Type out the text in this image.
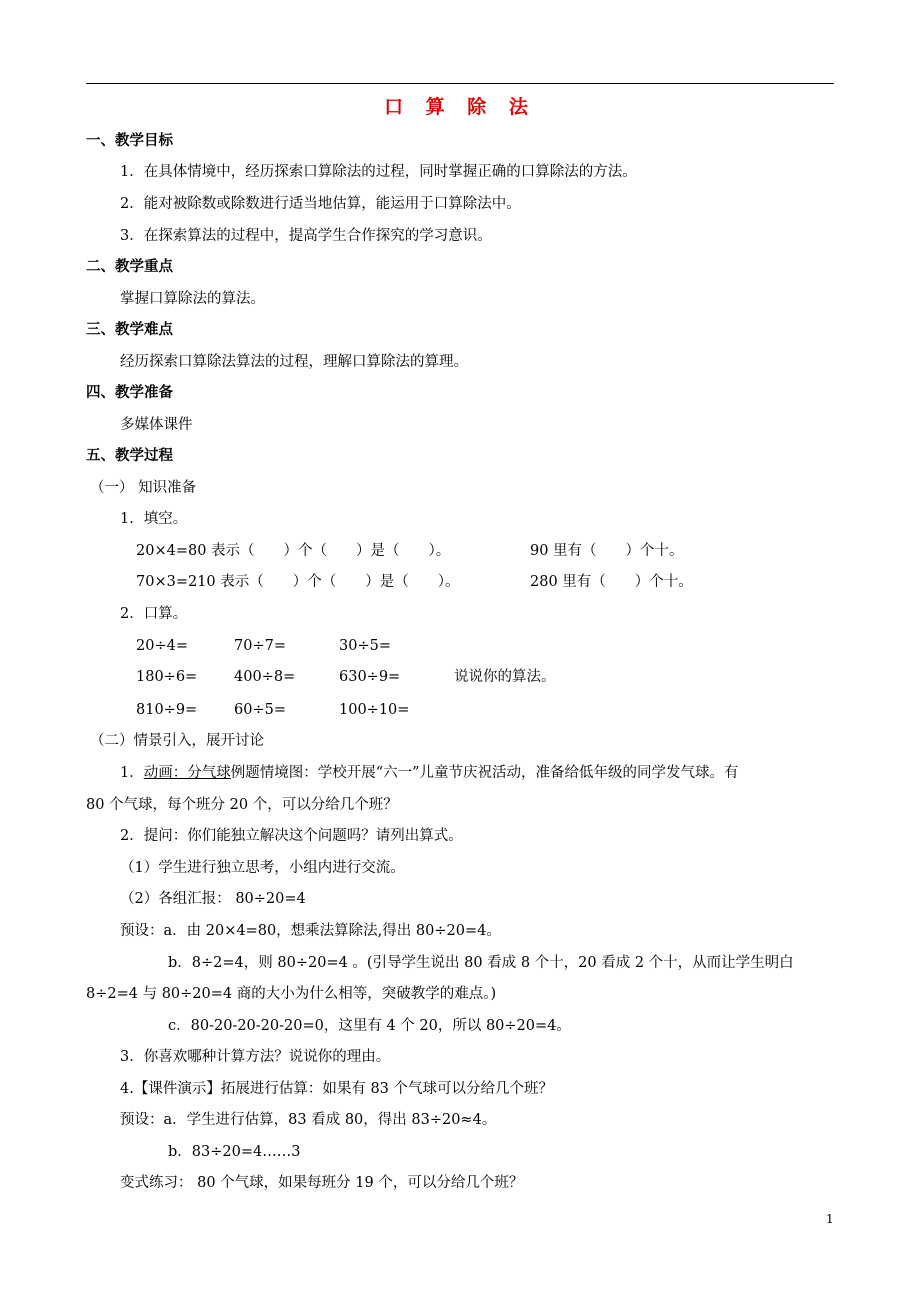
口 算 除 法
一、教学目标
1．在具体情境中，经历探索口算除法的过程，同时掌握正确的口算除法的方法。
2．能对被除数或除数进行适当地估算，能运用于口算除法中。
3．在探索算法的过程中，提高学生合作探究的学习意识。
二、教学重点
掌握口算除法的算法。
三、教学难点
经历探索口算除法算法的过程，理解口算除法的算理。
四、教学准备
多媒体课件
五、教学过程
（一） 知识准备
1．填空。
20×4=80 表示（　　）个（　　）是（　　）。	90 里有（　　）个十。
70×3=210 表示（　　）个（　　）是（　　）。	280 里有（　　）个十。
2．口算。
20÷4=	70÷7=	30÷5=
180÷6=	400÷8=	630÷9=	说说你的算法。
810÷9=	60÷5=	100÷10=
（二）情景引入，展开讨论
1．动画：分气球例题情境图：学校开展“六一”儿童节庆祝活动，准备给低年级的同学发气球。有
80 个气球，每个班分 20 个，可以分给几个班？
2．提问：你们能独立解决这个问题吗？请列出算式。
（1）学生进行独立思考，小组内进行交流。
（2）各组汇报： 80÷20=4
预设：a．由 20×4=80，想乘法算除法,得出 80÷20=4。
b．8÷2=4，则 80÷20=4 。(引导学生说出 80 看成 8 个十，20 看成 2 个十，从而让学生明白
8÷2=4 与 80÷20=4 商的大小为什么相等，突破教学的难点。)
c．80-20-20-20-20=0，这里有 4 个 20，所以 80÷20=4。
3．你喜欢哪种计算方法？说说你的理由。
4.【课件演示】拓展进行估算：如果有 83 个气球可以分给几个班？
预设：a．学生进行估算，83 看成 80，得出 83÷20≈4。
b．83÷20=4……3
变式练习： 80 个气球，如果每班分 19 个，可以分给几个班？
1
